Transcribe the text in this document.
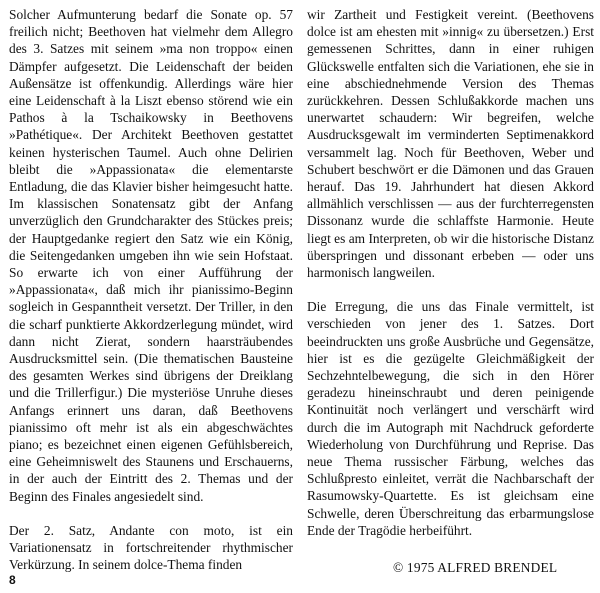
Solcher Aufmunterung bedarf die Sonate op. 57 freilich nicht; Beethoven hat vielmehr dem Allegro des 3. Satzes mit seinem »ma non troppo« einen Dämpfer aufgesetzt. Die Leidenschaft der beiden Außensätze ist offenkundig. Allerdings wäre hier eine Leidenschaft à la Liszt ebenso störend wie ein Pathos à la Tschaikowsky in Beethovens »Pathétique«. Der Architekt Beethoven gestattet keinen hysterischen Taumel. Auch ohne Delirien bleibt die »Appassionata« die elementarste Entladung, die das Klavier bisher heimgesucht hatte. Im klassischen Sonatensatz gibt der Anfang unverzüglich den Grundcharakter des Stückes preis; der Hauptgedanke regiert den Satz wie ein König, die Seitengedanken umgeben ihn wie sein Hofstaat. So erwarte ich von einer Aufführung der »Appassionata«, daß mich ihr pianissimo-Beginn sogleich in Gespanntheit versetzt. Der Triller, in den die scharf punktierte Akkordzerlegung mündet, wird dann nicht Zierat, sondern haarsträubendes Ausdrucksmittel sein. (Die thematischen Bausteine des gesamten Werkes sind übrigens der Dreiklang und die Trillerfigur.) Die mysteriöse Unruhe dieses Anfangs erinnert uns daran, daß Beethovens pianissimo oft mehr ist als ein abgeschwächtes piano; es bezeichnet einen eigenen Gefühlsbereich, eine Geheimniswelt des Staunens und Erschauerns, in der auch der Eintritt des 2. Themas und der Beginn des Finales angesiedelt sind.

Der 2. Satz, Andante con moto, ist ein Variationensatz in fortschreitender rhythmischer Verkürzung. In seinem dolce-Thema finden

wir Zartheit und Festigkeit vereint. (Beethovens dolce ist am ehesten mit »innig« zu übersetzen.) Erst gemessenen Schrittes, dann in einer ruhigen Glückswelle entfalten sich die Variationen, ehe sie in eine abschiednehmende Version des Themas zurückkehren. Dessen Schlußakkorde machen uns unerwartet schaudern: Wir begreifen, welche Ausdrucksgewalt im verminderten Septimenakkord versammelt lag. Noch für Beethoven, Weber und Schubert beschwört er die Dämonen und das Grauen herauf. Das 19. Jahrhundert hat diesen Akkord allmählich verschlissen — aus der furchterregensten Dissonanz wurde die schlaffste Harmonie. Heute liegt es am Interpreten, ob wir die historische Distanz überspringen und dissonant erbeben — oder uns harmonisch langweilen.

Die Erregung, die uns das Finale vermittelt, ist verschieden von jener des 1. Satzes. Dort beeindruckten uns große Ausbrüche und Gegensätze, hier ist es die gezügelte Gleichmäßigkeit der Sechzehntelbewegung, die sich in den Hörer geradezu hineinschraubt und deren peinigende Kontinuität noch verlängert und verschärft wird durch die im Autograph mit Nachdruck geforderte Wiederholung von Durchführung und Reprise. Das neue Thema russischer Färbung, welches das Schlußpresto einleitet, verrät die Nachbarschaft der Rasumowsky-Quartette. Es ist gleichsam eine Schwelle, deren Überschreitung das erbarmungslose Ende der Tragödie herbeiführt.

© 1975 ALFRED BRENDEL
8
